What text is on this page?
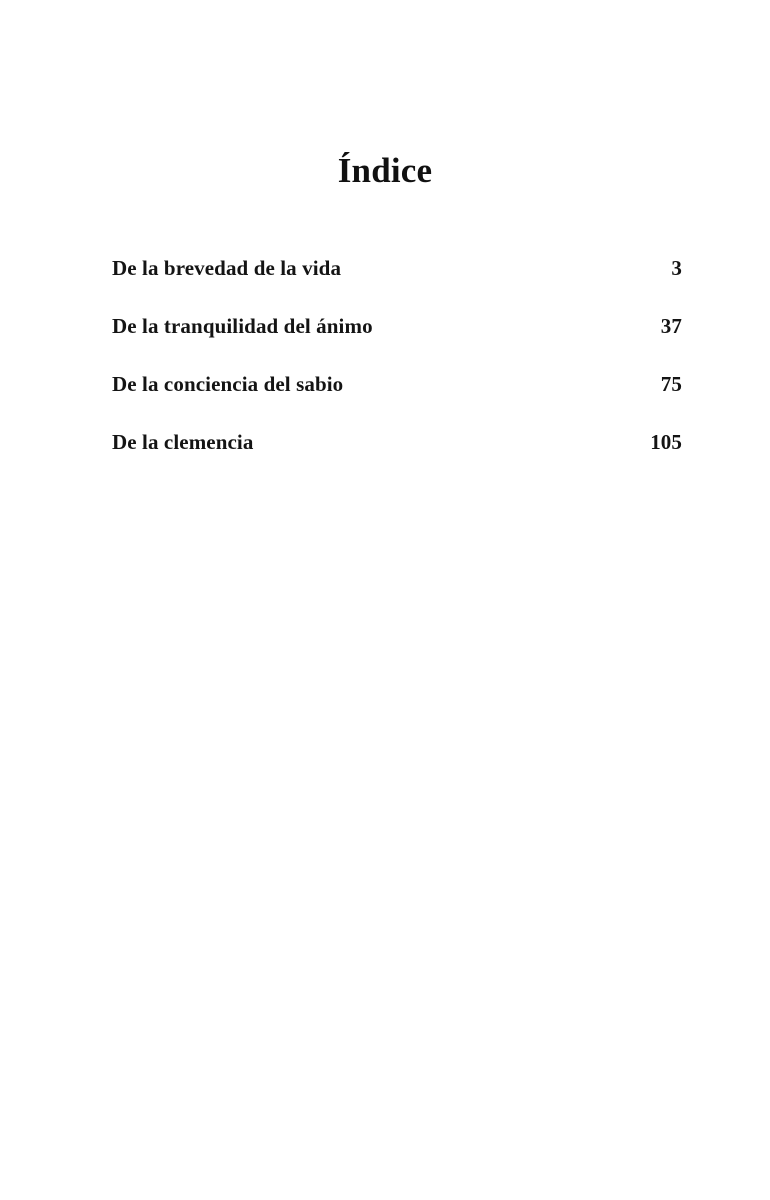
Índice
De la brevedad de la vida	3
De la tranquilidad del ánimo	37
De la conciencia del sabio	75
De la clemencia	105
